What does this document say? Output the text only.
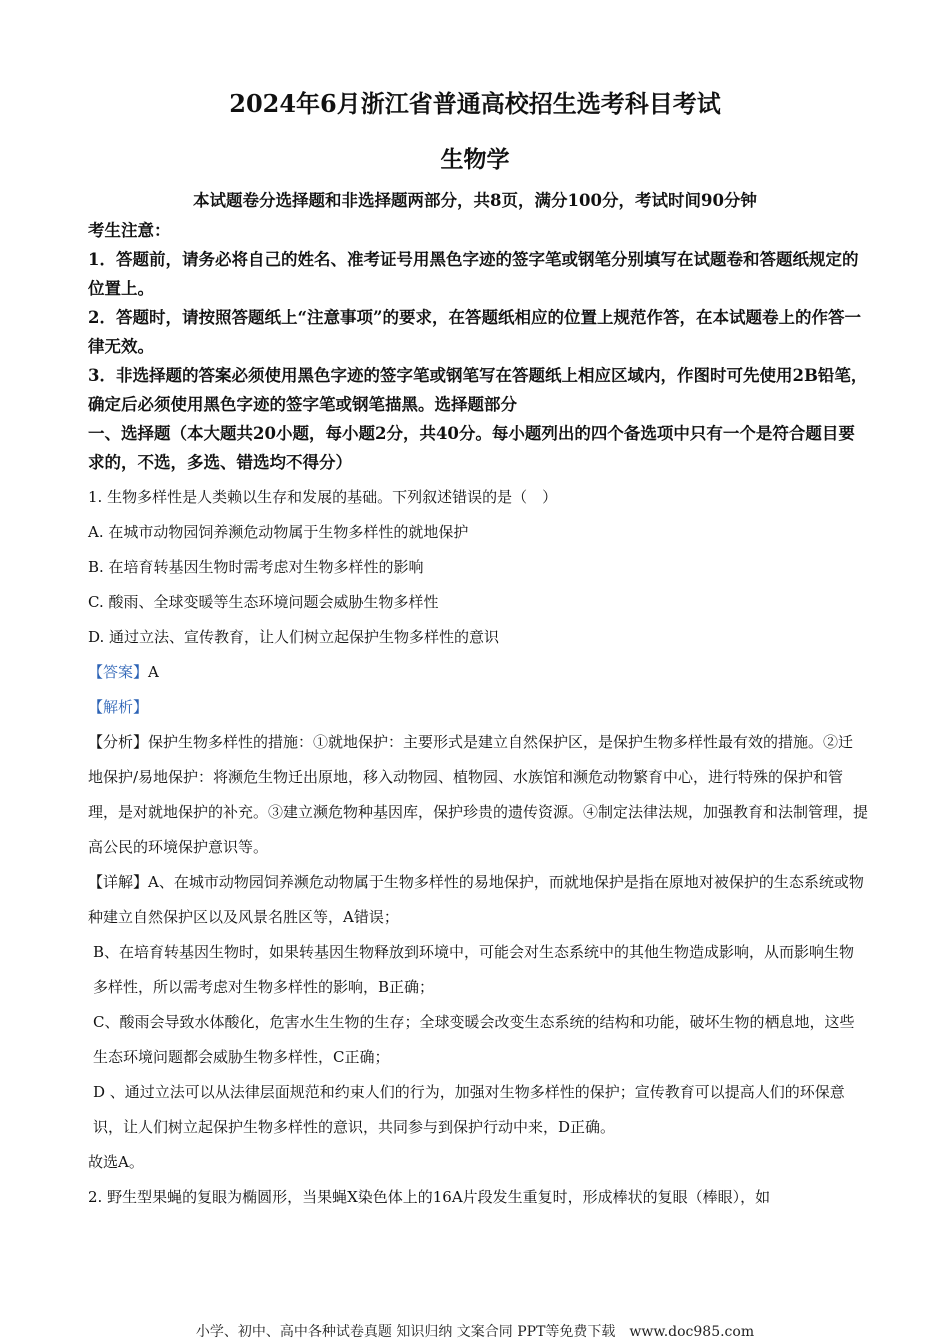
2024年6月浙江省普通高校招生选考科目考试
生物学
本试题卷分选择题和非选择题两部分，共8页，满分100分，考试时间90分钟

考生注意：

1．答题前，请务必将自己的姓名、准考证号用黑色字迹的签字笔或钢笔分别填写在试题卷和答题纸规定的位置上。

2．答题时，请按照答题纸上“注意事项”的要求，在答题纸相应的位置上规范作答，在本试题卷上的作答一律无效。

3．非选择题的答案必须使用黑色字迹的签字笔或钢笔写在答题纸上相应区域内，作图时可先使用2B铅笔，确定后必须使用黑色字迹的签字笔或钢笔描黑。选择题部分

一、选择题（本大题共20小题，每小题2分，共40分。每小题列出的四个备选项中只有一个是符合题目要求的，不选，多选、错选均不得分）

1. 生物多样性是人类赖以生存和发展的基础。下列叙述错误的是（　）

A. 在城市动物园饲养濒危动物属于生物多样性的就地保护

B. 在培育转基因生物时需考虑对生物多样性的影响

C. 酸雨、全球变暖等生态环境问题会威胁生物多样性

D. 通过立法、宣传教育，让人们树立起保护生物多样性的意识

【答案】A

【解析】

【分析】保护生物多样性的措施：①就地保护：主要形式是建立自然保护区，是保护生物多样性最有效的措施。②迁地保护/易地保护：将濒危生物迁出原地，移入动物园、植物园、水族馆和濒危动物繁育中心，进行特殊的保护和管理，是对就地保护的补充。③建立濒危物种基因库，保护珍贵的遗传资源。④制定法律法规，加强教育和法制管理，提高公民的环境保护意识等。

【详解】A、在城市动物园饲养濒危动物属于生物多样性的易地保护，而就地保护是指在原地对被保护的生态系统或物种建立自然保护区以及风景名胜区等，A错误；

B、在培育转基因生物时，如果转基因生物释放到环境中，可能会对生态系统中的其他生物造成影响，从而影响生物多样性，所以需考虑对生物多样性的影响，B正确；

C、酸雨会导致水体酸化，危害水生生物的生存；全球变暖会改变生态系统的结构和功能，破坏生物的栖息地，这些生态环境问题都会威胁生物多样性，C正确；

D 、通过立法可以从法律层面规范和约束人们的行为，加强对生物多样性的保护；宣传教育可以提高人们的环保意识，让人们树立起保护生物多样性的意识，共同参与到保护行动中来，D正确。

故选A。

2. 野生型果蝇的复眼为椭圆形，当果蝇X染色体上的16A片段发生重复时，形成棒状的复眼（棒眼），如

小学、初中、高中各种试卷真题 知识归纳 文案合同 PPT等免费下载　www.doc985.com
